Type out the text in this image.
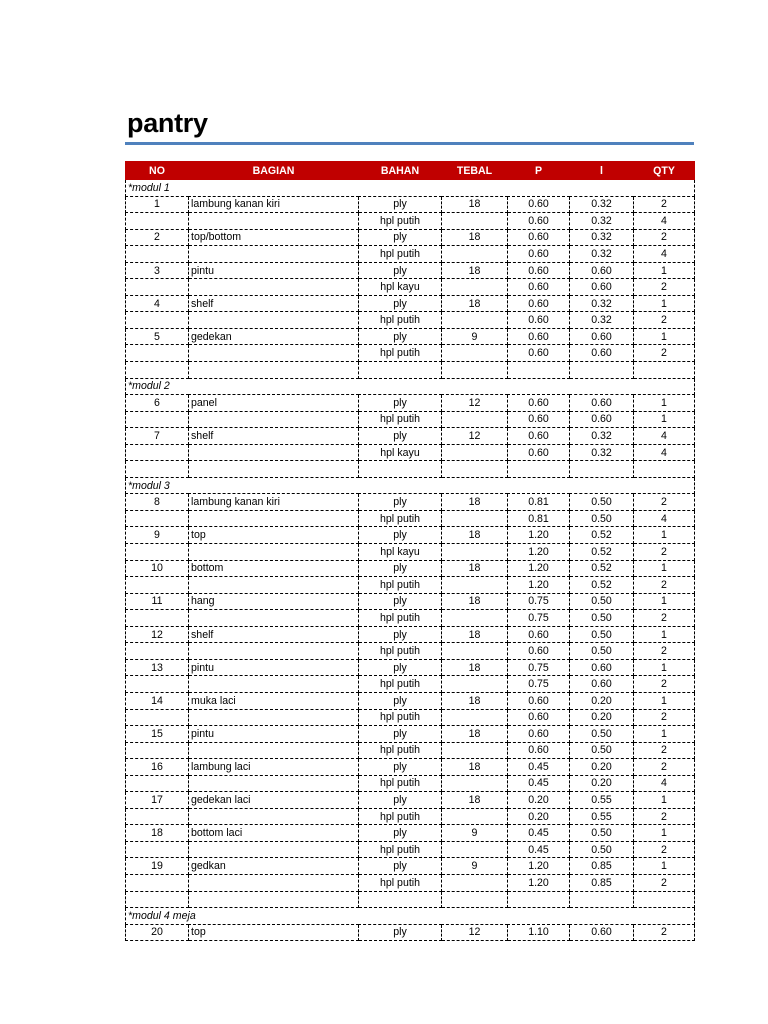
pantry
NO	BAGIAN	BAHAN	TEBAL	P	l	QTY
*modul 1						
1	lambung kanan kiri	ply	18	0.60	0.32	2
		hpl putih		0.60	0.32	4
2	top/bottom	ply	18	0.60	0.32	2
		hpl putih		0.60	0.32	4
3	pintu	ply	18	0.60	0.60	1
		hpl kayu		0.60	0.60	2
4	shelf	ply	18	0.60	0.32	1
		hpl putih		0.60	0.32	2
5	gedekan	ply	9	0.60	0.60	1
		hpl putih		0.60	0.60	2

*modul 2						
6	panel	ply	12	0.60	0.60	1
		hpl putih		0.60	0.60	1
7	shelf	ply	12	0.60	0.32	4
		hpl kayu		0.60	0.32	4

*modul 3						
8	lambung kanan kiri	ply	18	0.81	0.50	2
		hpl putih		0.81	0.50	4
9	top	ply	18	1.20	0.52	1
		hpl kayu		1.20	0.52	2
10	bottom	ply	18	1.20	0.52	1
		hpl putih		1.20	0.52	2
11	hang	ply	18	0.75	0.50	1
		hpl putih		0.75	0.50	2
12	shelf	ply	18	0.60	0.50	1
		hpl putih		0.60	0.50	2
13	pintu	ply	18	0.75	0.60	1
		hpl putih		0.75	0.60	2
14	muka laci	ply	18	0.60	0.20	1
		hpl putih		0.60	0.20	2
15	pintu	ply	18	0.60	0.50	1
		hpl putih		0.60	0.50	2
16	lambung laci	ply	18	0.45	0.20	2
		hpl putih		0.45	0.20	4
17	gedekan laci	ply	18	0.20	0.55	1
		hpl putih		0.20	0.55	2
18	bottom laci	ply	9	0.45	0.50	1
		hpl putih		0.45	0.50	2
19	gedkan	ply	9	1.20	0.85	1
		hpl putih		1.20	0.85	2

*modul 4 meja						
20	top	ply	12	1.10	0.60	2
